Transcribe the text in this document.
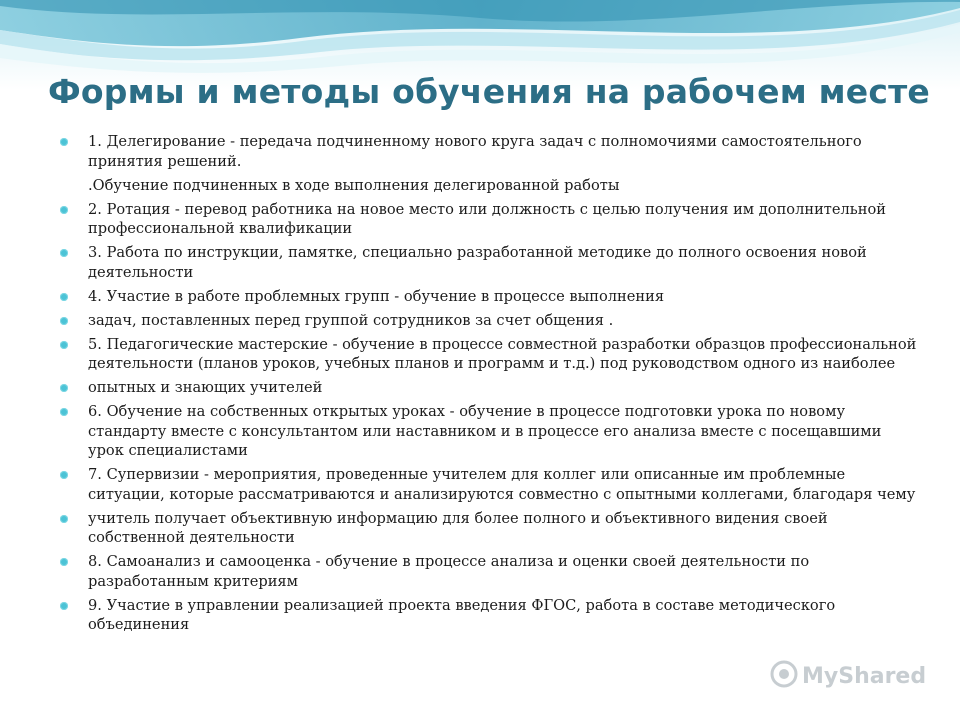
Формы и методы обучения на рабочем месте
1. Делегирование - передача подчиненному нового круга задач с полномочиями самостоятельного принятия решений.
.Обучение подчиненных в ходе выполнения делегированной работы
2. Ротация - перевод работника на новое место или должность с целью получения им дополнительной профессиональной квалификации
3. Работа по инструкции, памятке, специально разработанной методике до полного освоения новой деятельности
4. Участие в работе проблемных групп - обучение в процессе выполнения
задач, поставленных перед группой сотрудников за счет общения .
5. Педагогические мастерские - обучение в процессе совместной разработки образцов профессиональной деятельности (планов уроков, учебных планов и программ и т.д.) под руководством одного из наиболее
опытных и знающих учителей
6. Обучение на собственных открытых уроках - обучение в процессе подготовки урока по новому стандарту вместе с консультантом или наставником и в процессе его анализа вместе с посещавшими урок специалистами
7. Супервизии - мероприятия, проведенные учителем для коллег или описанные им проблемные ситуации, которые рассматриваются и анализируются совместно с опытными коллегами, благодаря чему
учитель получает объективную информацию для более полного и объективного видения своей собственной деятельности
8. Самоанализ и самооценка - обучение в процессе анализа и оценки своей деятельности по разработанным критериям
9. Участие в управлении реализацией проекта введения ФГОС, работа в составе методического объединения
MyShared
